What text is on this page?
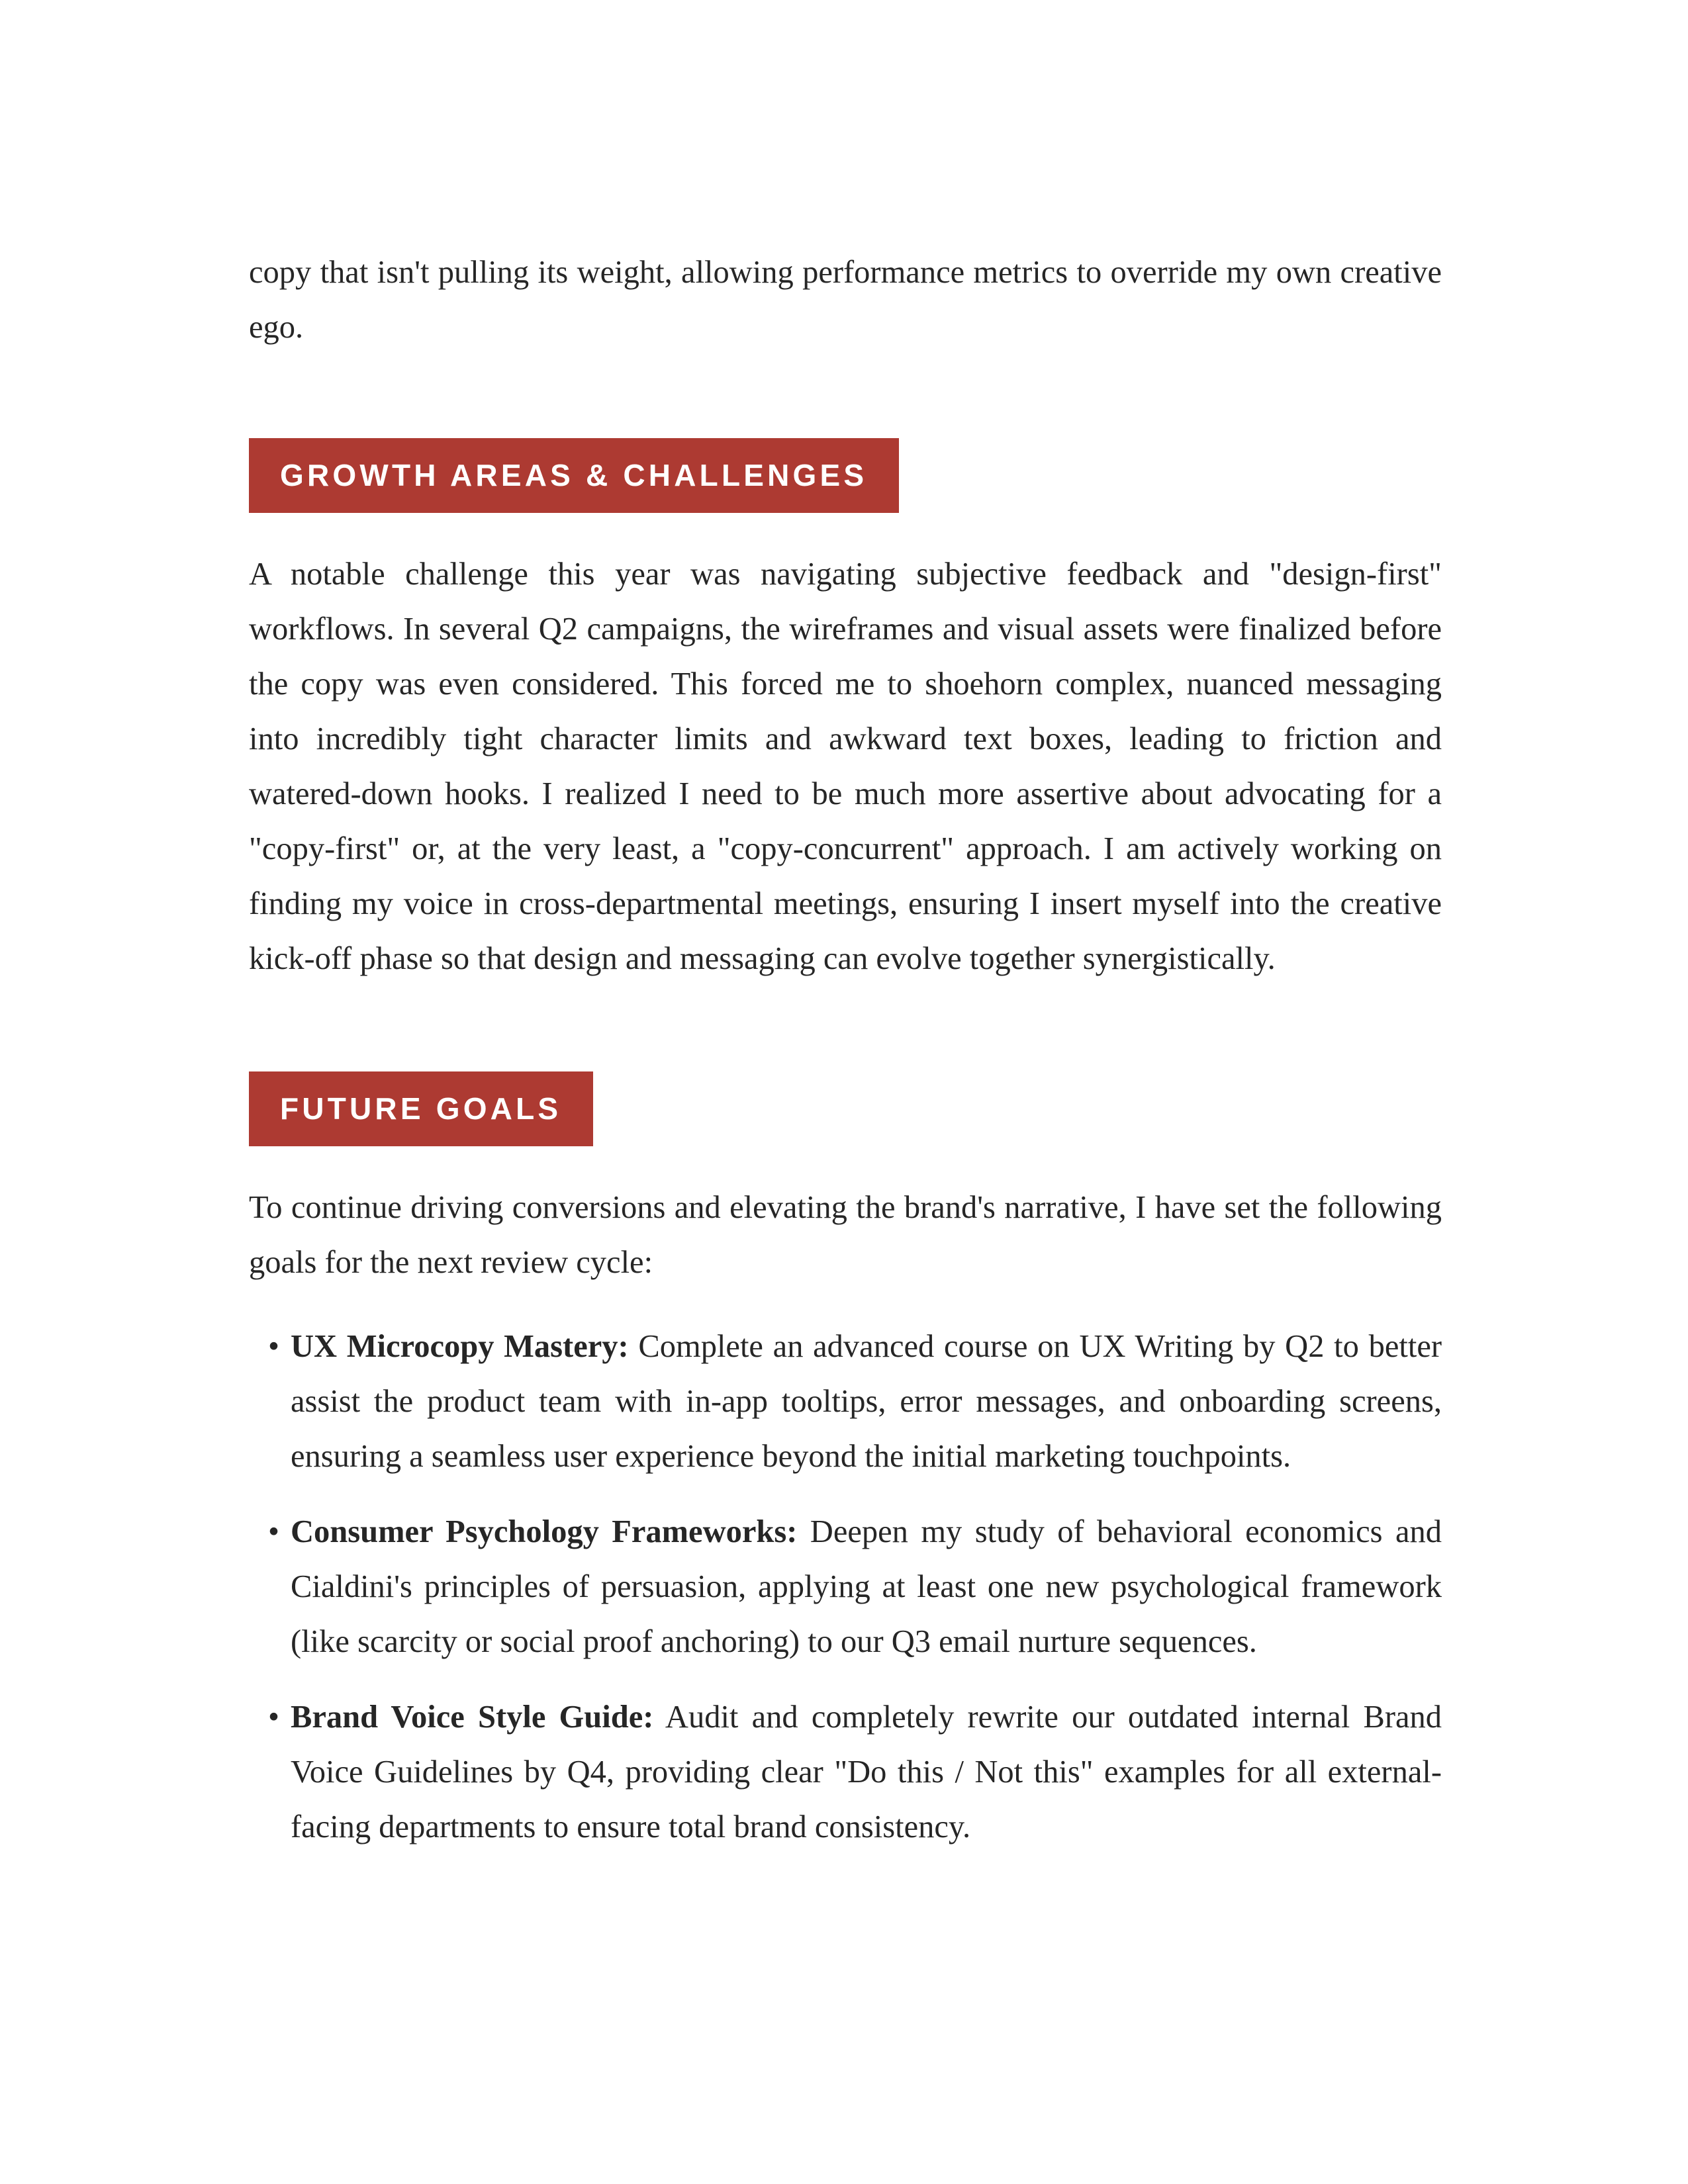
copy that isn't pulling its weight, allowing performance metrics to override my own creative ego.

GROWTH AREAS & CHALLENGES

A notable challenge this year was navigating subjective feedback and "design-first" workflows. In several Q2 campaigns, the wireframes and visual assets were finalized before the copy was even considered. This forced me to shoehorn complex, nuanced messaging into incredibly tight character limits and awkward text boxes, leading to friction and watered-down hooks. I realized I need to be much more assertive about advocating for a "copy-first" or, at the very least, a "copy-concurrent" approach. I am actively working on finding my voice in cross-departmental meetings, ensuring I insert myself into the creative kick-off phase so that design and messaging can evolve together synergistically.

FUTURE GOALS

To continue driving conversions and elevating the brand's narrative, I have set the following goals for the next review cycle:

• UX Microcopy Mastery: Complete an advanced course on UX Writing by Q2 to better assist the product team with in-app tooltips, error messages, and onboarding screens, ensuring a seamless user experience beyond the initial marketing touchpoints.
• Consumer Psychology Frameworks: Deepen my study of behavioral economics and Cialdini's principles of persuasion, applying at least one new psychological framework (like scarcity or social proof anchoring) to our Q3 email nurture sequences.
• Brand Voice Style Guide: Audit and completely rewrite our outdated internal Brand Voice Guidelines by Q4, providing clear "Do this / Not this" examples for all external-facing departments to ensure total brand consistency.
